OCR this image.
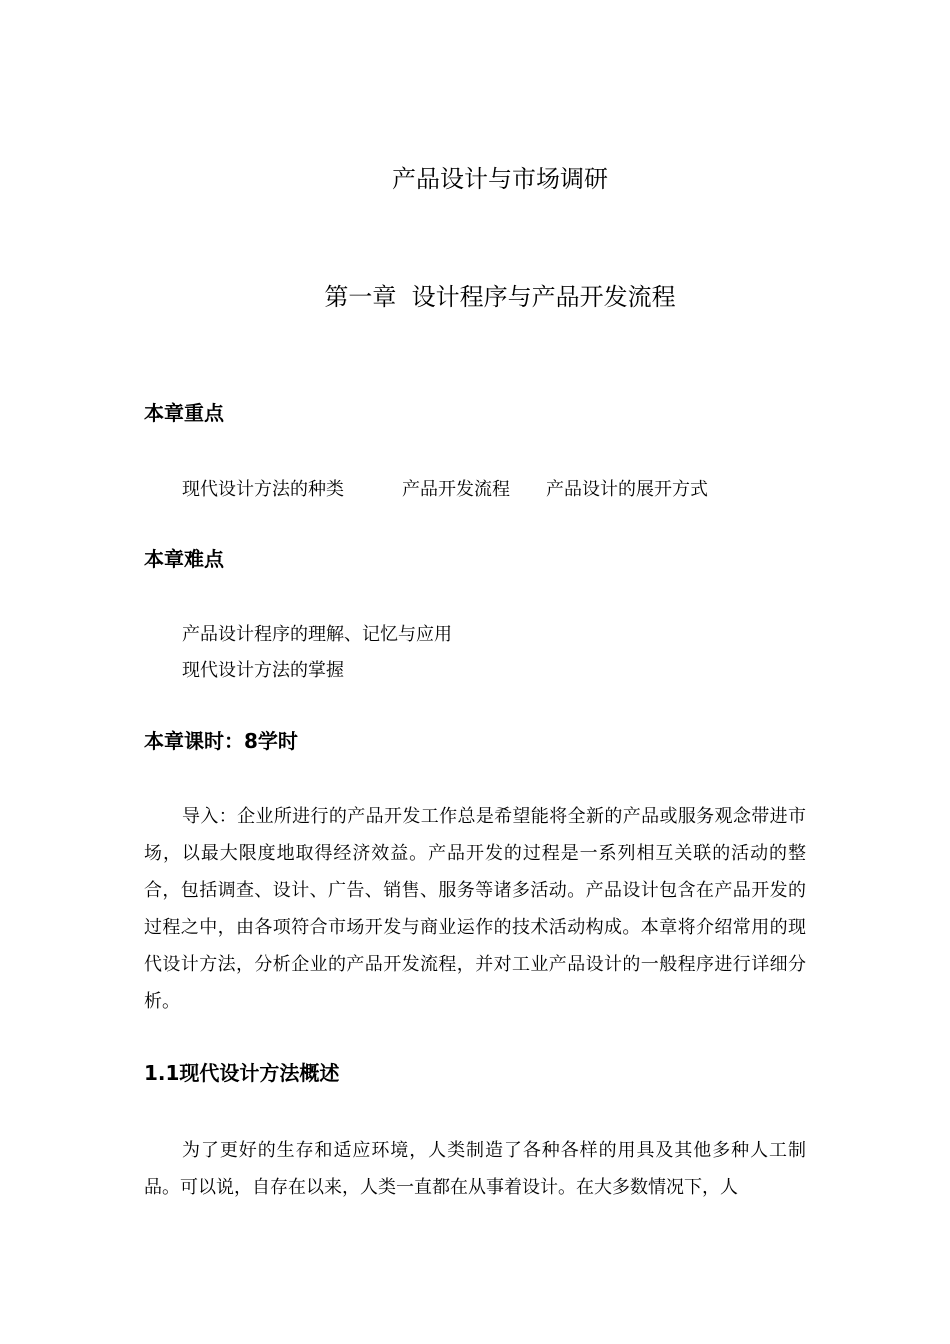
产品设计与市场调研
第一章  设计程序与产品开发流程
本章重点
现代设计方法的种类	产品开发流程 产品设计的展开方式
本章难点
产品设计程序的理解、记忆与应用
现代设计方法的掌握
本章课时：8学时

导入：企业所进行的产品开发工作总是希望能将全新的产品或服务观念带进市场，以最大限度地取得经济效益。产品开发的过程是一系列相互关联的活动的整合，包括调查、设计、广告、销售、服务等诸多活动。产品设计包含在产品开发的过程之中，由各项符合市场开发与商业运作的技术活动构成。本章将介绍常用的现代设计方法，分析企业的产品开发流程，并对工业产品设计的一般程序进行详细分析。

1.1现代设计方法概述

为了更好的生存和适应环境，人类制造了各种各样的用具及其他多种人工制品。可以说，自存在以来，人类一直都在从事着设计。在大多数情况下，人
